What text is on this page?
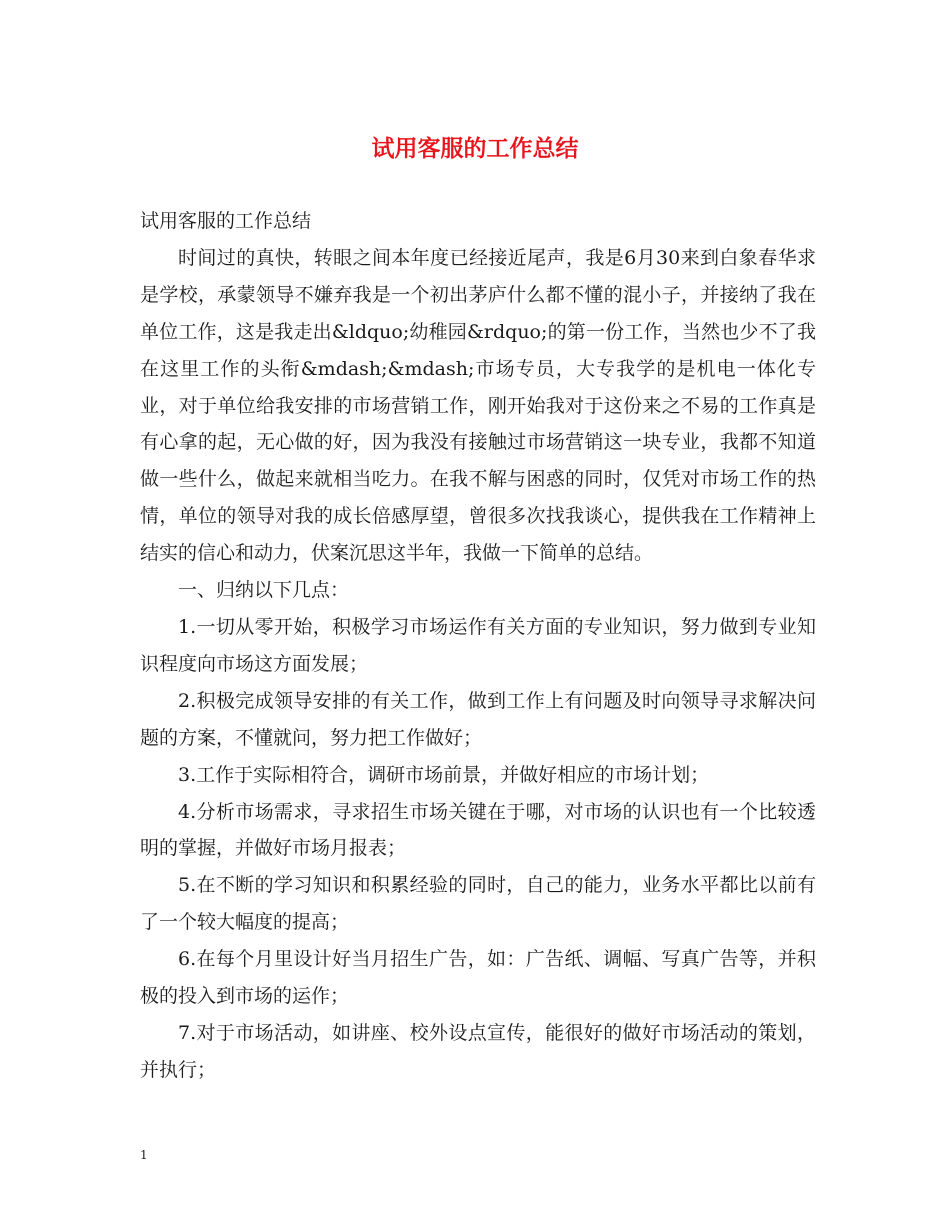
试用客服的工作总结

试用客服的工作总结

时间过的真快，转眼之间本年度已经接近尾声，我是6月30来到白象春华求是学校，承蒙领导不嫌弃我是一个初出茅庐什么都不懂的混小子，并接纳了我在单位工作，这是我走出&ldquo;幼稚园&rdquo;的第一份工作，当然也少不了我在这里工作的头衔&mdash;&mdash;市场专员，大专我学的是机电一体化专业，对于单位给我安排的市场营销工作，刚开始我对于这份来之不易的工作真是有心拿的起，无心做的好，因为我没有接触过市场营销这一块专业，我都不知道做一些什么，做起来就相当吃力。在我不解与困惑的同时，仅凭对市场工作的热情，单位的领导对我的成长倍感厚望，曾很多次找我谈心，提供我在工作精神上结实的信心和动力，伏案沉思这半年，我做一下简单的总结。

一、归纳以下几点：

1.一切从零开始，积极学习市场运作有关方面的专业知识，努力做到专业知识程度向市场这方面发展；

2.积极完成领导安排的有关工作，做到工作上有问题及时向领导寻求解决问题的方案，不懂就问，努力把工作做好；

3.工作于实际相符合，调研市场前景，并做好相应的市场计划；

4.分析市场需求，寻求招生市场关键在于哪，对市场的认识也有一个比较透明的掌握，并做好市场月报表；

5.在不断的学习知识和积累经验的同时，自己的能力，业务水平都比以前有了一个较大幅度的提高；

6.在每个月里设计好当月招生广告，如：广告纸、调幅、写真广告等，并积极的投入到市场的运作；

7.对于市场活动，如讲座、校外设点宣传，能很好的做好市场活动的策划，并执行；

1
